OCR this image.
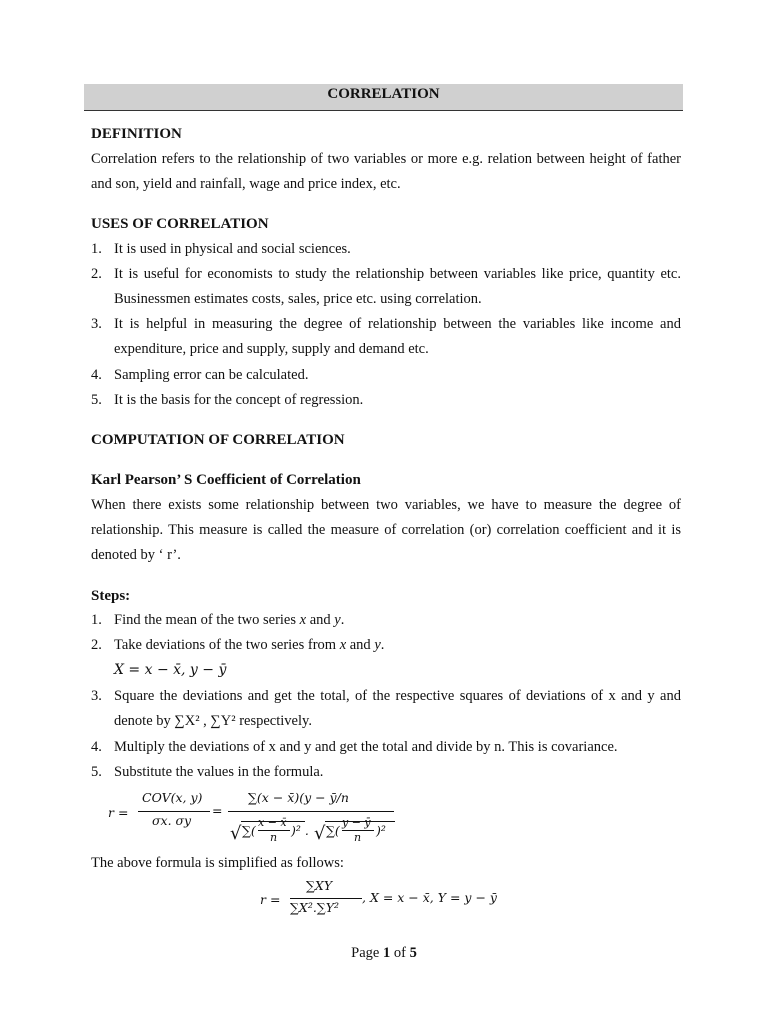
CORRELATION
DEFINITION
Correlation refers to the relationship of two variables or more e.g. relation between height of father and son, yield and rainfall, wage and price index, etc.
USES OF CORRELATION
1. It is used in physical and social sciences.
2. It is useful for economists to study the relationship between variables like price, quantity etc. Businessmen estimates costs, sales, price etc. using correlation.
3. It is helpful in measuring the degree of relationship between the variables like income and expenditure, price and supply, supply and demand etc.
4. Sampling error can be calculated.
5. It is the basis for the concept of regression.
COMPUTATION OF CORRELATION
Karl Pearson’ S Coefficient of Correlation
When there exists some relationship between two variables, we have to measure the degree of relationship. This measure is called the measure of correlation (or) correlation coefficient and it is denoted by ‘ r’.
Steps:
1. Find the mean of the two series x and y.
2. Take deviations of the two series from x and y.
X = x − x̄, y − ȳ
3. Square the deviations and get the total, of the respective squares of deviations of x and y and denote by ∑X² , ∑Y² respectively.
4. Multiply the deviations of x and y and get the total and divide by n. This is covariance.
5. Substitute the values in the formula.
r =
COV(x, y)
σx. σy
=
∑(x − x̄)(y − ȳ/n
√ ∑(
x − x̄
n )² . √ ∑(
y − ȳ
n )²
The above formula is simplified as follows:
r =
∑XY
∑X².∑Y²
, X = x − x̄, Y = y − ȳ
Page 1 of 5
